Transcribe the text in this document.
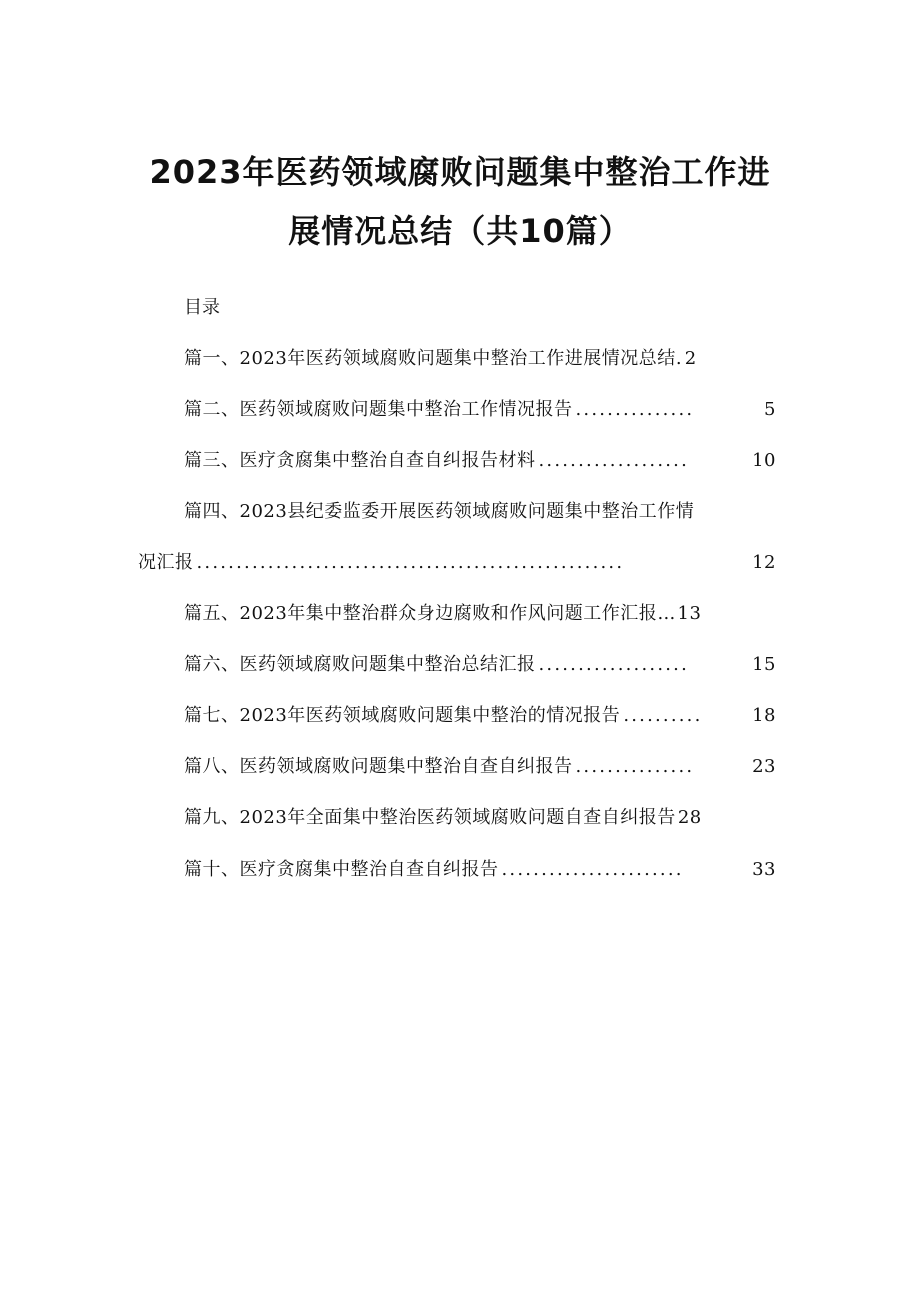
2023年医药领域腐败问题集中整治工作进
展情况总结（共10篇）
目录
篇一、2023年医药领域腐败问题集中整治工作进展情况总结 . 2
篇二、医药领域腐败问题集中整治工作情况报告 ...............	5
篇三、医疗贪腐集中整治自查自纠报告材料 ...................	10
篇四、2023县纪委监委开展医药领域腐败问题集中整治工作情
况汇报 ......................................................	12
篇五、2023年集中整治群众身边腐败和作风问题工作汇报 … 13
篇六、医药领域腐败问题集中整治总结汇报 ...................	15
篇七、2023年医药领域腐败问题集中整治的情况报告 ..........	18
篇八、医药领域腐败问题集中整治自查自纠报告 ...............	23
篇九、2023年全面集中整治医药领域腐败问题自查自纠报告 28
篇十、医疗贪腐集中整治自查自纠报告 .......................	33
